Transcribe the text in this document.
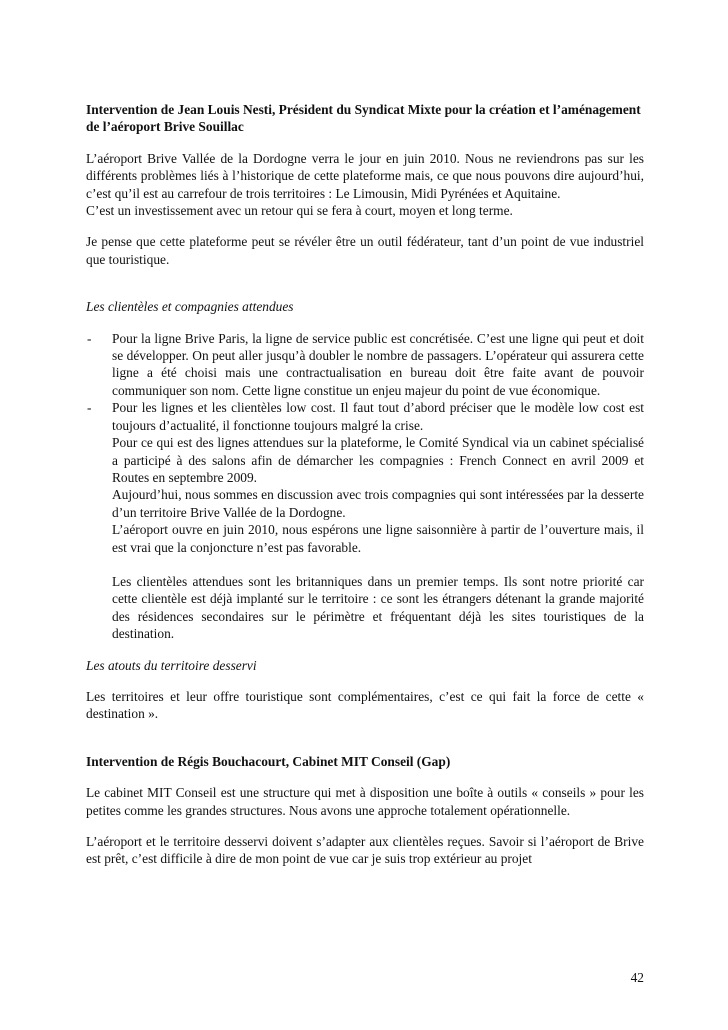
Intervention de Jean Louis Nesti, Président du Syndicat Mixte pour la création et l’aménagement de l’aéroport Brive Souillac

L’aéroport Brive Vallée de la Dordogne verra le jour en juin 2010. Nous ne reviendrons pas sur les différents problèmes liés à l’historique de cette plateforme mais, ce que nous pouvons dire aujourd’hui, c’est qu’il est au carrefour de trois territoires : Le Limousin, Midi Pyrénées et Aquitaine.

C’est un investissement avec un retour qui se fera à court, moyen et long terme.

Je pense que cette plateforme peut se révéler être un outil fédérateur, tant d’un point de vue industriel que touristique.

Les clientèles et compagnies attendues

-	Pour la ligne Brive Paris, la ligne de service public est concrétisée. C’est une ligne qui peut et doit se développer. On peut aller jusqu’à doubler le nombre de passagers. L’opérateur qui assurera cette ligne a été choisi mais une contractualisation en bureau doit être faite avant de pouvoir communiquer son nom. Cette ligne constitue un enjeu majeur du point de vue économique.

-	Pour les lignes et les clientèles low cost. Il faut tout d’abord préciser que le modèle low cost est toujours d’actualité, il fonctionne toujours malgré la crise.

Pour ce qui est des lignes attendues sur la plateforme, le Comité Syndical via un cabinet spécialisé a participé à des salons afin de démarcher les compagnies : French Connect en avril 2009 et Routes en septembre 2009.

Aujourd’hui, nous sommes en discussion avec trois compagnies qui sont intéressées par la desserte d’un territoire Brive Vallée de la Dordogne.

L’aéroport ouvre en juin 2010, nous espérons une ligne saisonnière à partir de l’ouverture mais, il est vrai que la conjoncture n’est pas favorable.

Les clientèles attendues sont les britanniques dans un premier temps. Ils sont notre priorité car cette clientèle est déjà implanté sur le territoire : ce sont les étrangers détenant la grande majorité des résidences secondaires sur le périmètre et fréquentant déjà les sites touristiques de la destination.

Les atouts du territoire desservi

Les territoires et leur offre touristique sont complémentaires, c’est ce qui fait la force de cette « destination ».

Intervention de Régis Bouchacourt, Cabinet MIT Conseil (Gap)

Le cabinet MIT Conseil est une structure qui met à disposition une boîte à outils « conseils » pour les petites comme les grandes structures. Nous avons une approche totalement opérationnelle.

L’aéroport et le territoire desservi doivent s’adapter aux clientèles reçues. Savoir si l’aéroport de Brive est prêt, c’est difficile à dire de mon point de vue car je suis trop extérieur au projet

42
